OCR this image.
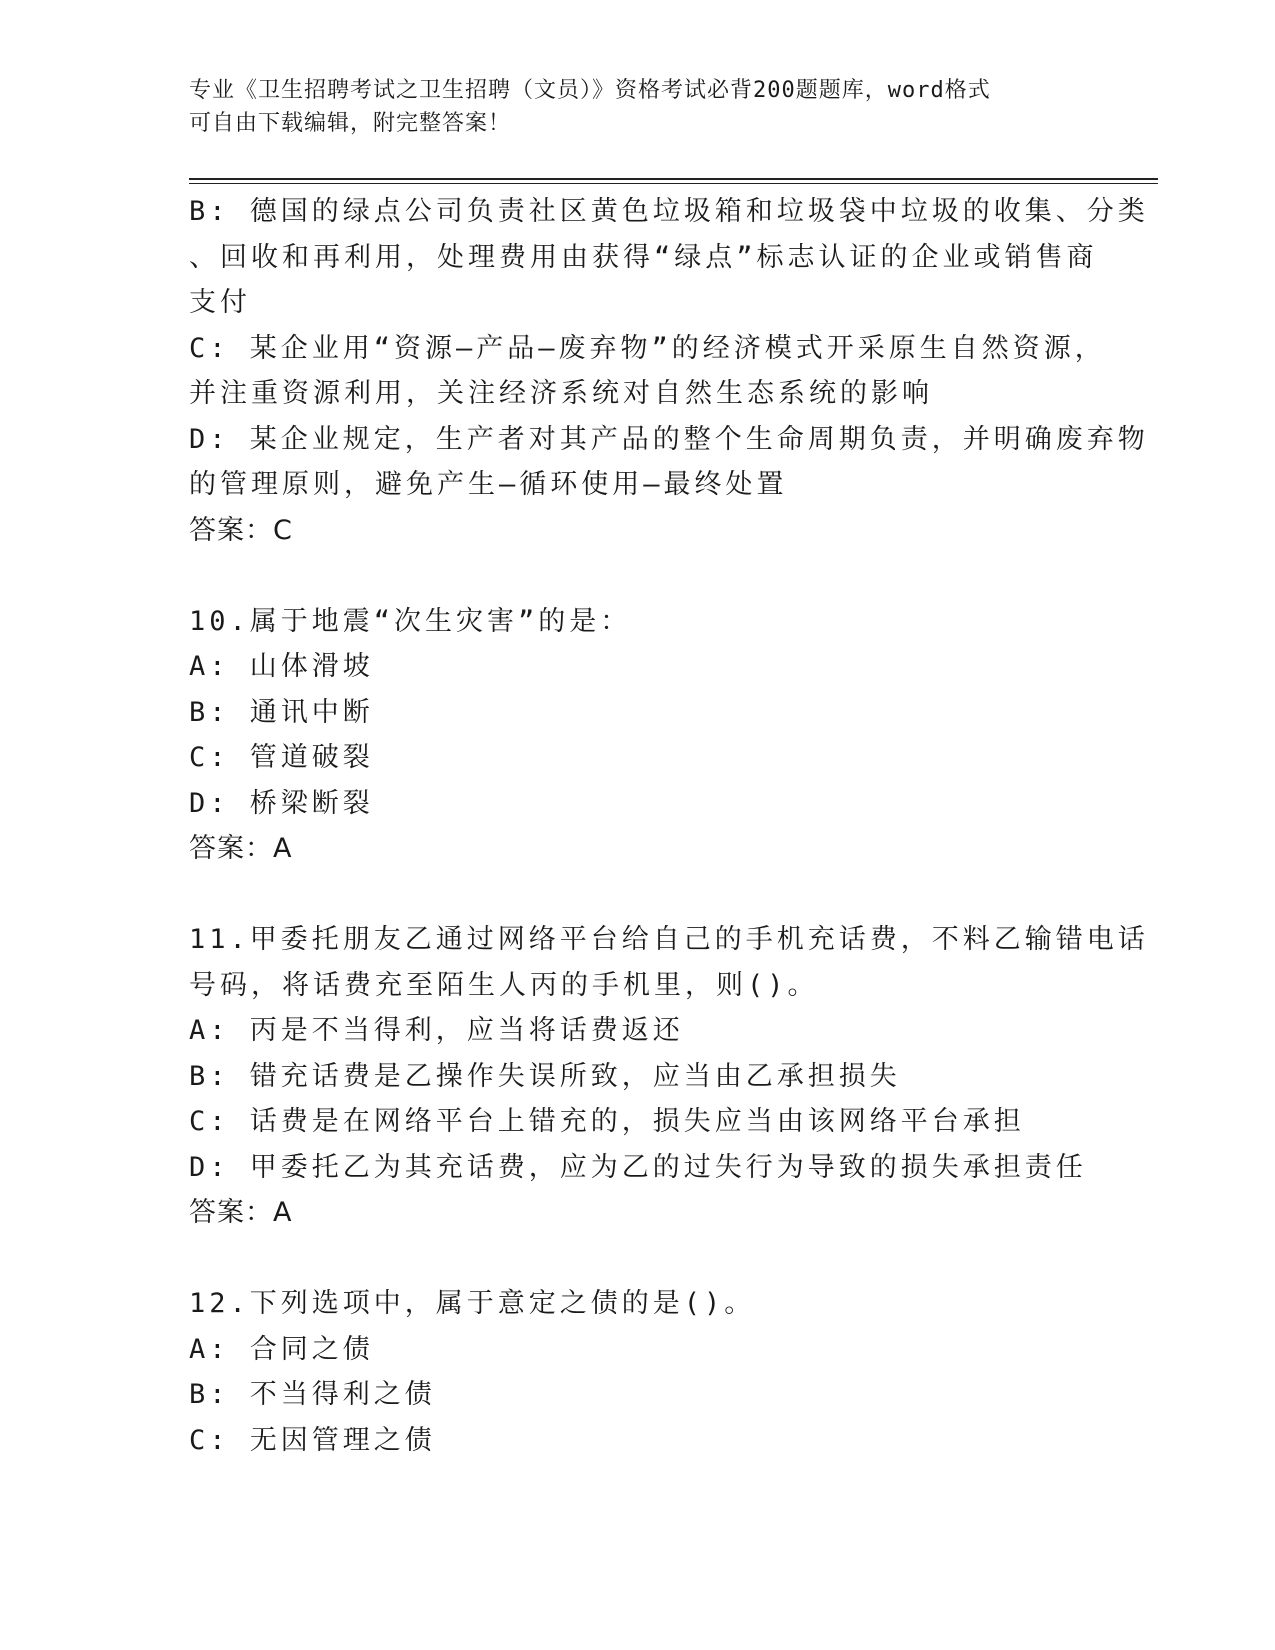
专业《卫生招聘考试之卫生招聘（文员）》资格考试必背200题题库，word格式
可自由下载编辑，附完整答案！
B: 德国的绿点公司负责社区黄色垃圾箱和垃圾袋中垃圾的收集、分类
、回收和再利用，处理费用由获得“绿点”标志认证的企业或销售商
支付
C: 某企业用“资源—产品—废弃物”的经济模式开采原生自然资源，
并注重资源利用，关注经济系统对自然生态系统的影响
D: 某企业规定，生产者对其产品的整个生命周期负责，并明确废弃物
的管理原则，避免产生—循环使用—最终处置
答案：C
10.属于地震“次生灾害”的是：
A: 山体滑坡
B: 通讯中断
C: 管道破裂
D: 桥梁断裂
答案：A
11.甲委托朋友乙通过网络平台给自己的手机充话费，不料乙输错电话
号码，将话费充至陌生人丙的手机里，则()。
A: 丙是不当得利，应当将话费返还
B: 错充话费是乙操作失误所致，应当由乙承担损失
C: 话费是在网络平台上错充的，损失应当由该网络平台承担
D: 甲委托乙为其充话费，应为乙的过失行为导致的损失承担责任
答案：A
12.下列选项中，属于意定之债的是()。
A: 合同之债
B: 不当得利之债
C: 无因管理之债
